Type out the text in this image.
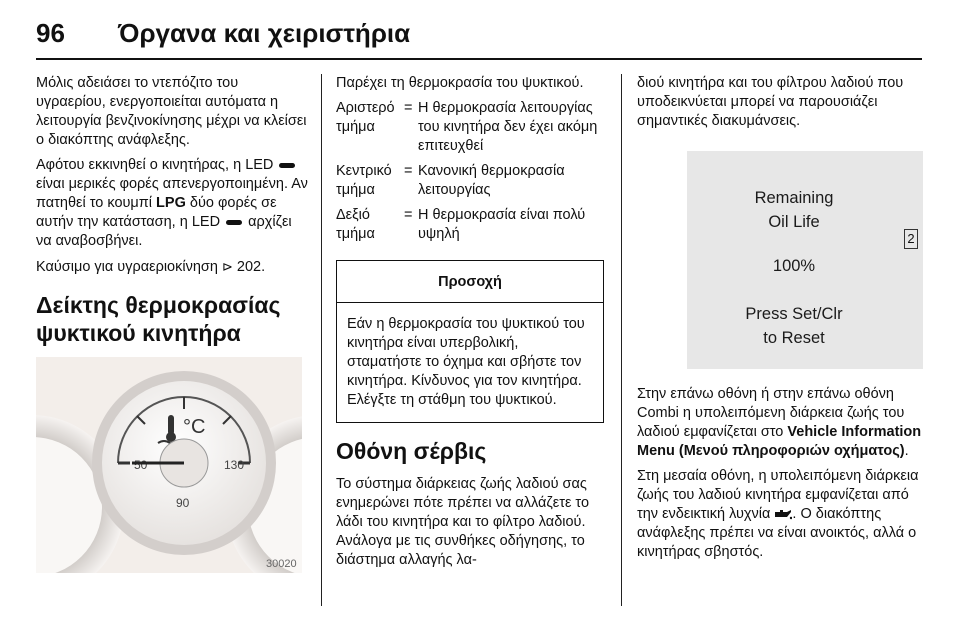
96 Όργανα και χειριστήρια

Μόλις αδειάσει το ντεπόζιτο του υγραερίου, ενεργοποιείται αυτόματα η λειτουργία βενζινοκίνησης μέχρι να κλείσει ο διακόπτης ανάφλεξης.

Αφότου εκκινηθεί ο κινητήρας, η LED  είναι μερικές φορές απενεργοποιημένη. Αν πατηθεί το κουμπί LPG δύο φορές σε αυτήν την κατάσταση, η LED αρχίζει να αναβοσβήνει.

Καύσιμο για υγραεριοκίνηση ⊳ 202.

Δείκτης θερμοκρασίας ψυκτικού κινητήρα
°C
50	130
90
30020

Παρέχει τη θερμοκρασία του ψυκτικού.

Αριστερό τμήμα
= Η θερμοκρασία λειτουργίας του κινητήρα δεν έχει ακόμη επιτευχθεί
Κεντρικό τμήμα
= Κανονική θερμοκρασία λειτουργίας
Δεξιό τμήμα
= Η θερμοκρασία είναι πολύ υψηλή
Προσοχή
Εάν η θερμοκρασία του ψυκτικού του κινητήρα είναι υπερβολική, σταματήστε το όχημα και σβήστε τον κινητήρα. Κίνδυνος για τον κινητήρα. Ελέγξτε τη στάθμη του ψυκτικού.
Οθόνη σέρβις

Το σύστημα διάρκειας ζωής λαδιού σας ενημερώνει πότε πρέπει να αλλάζετε το λάδι του κινητήρα και το φίλτρο λαδιού. Ανάλογα με τις συνθήκες οδήγησης, το διάστημα αλλαγής λα-

διού κινητήρα και του φίλτρου λαδιού που υποδεικνύεται μπορεί να παρουσιάζει σημαντικές διακυμάνσεις.

Remaining
Oil Life
100%
Press Set/Clr
to Reset
2

Στην επάνω οθόνη ή στην επάνω οθόνη Combi η υπολειπόμενη διάρκεια ζωής του λαδιού εμφανίζεται στο Vehicle Information Menu (Μενού πληροφοριών οχήματος).

Στη μεσαία οθόνη, η υπολειπόμενη διάρκεια ζωής του λαδιού κινητήρα εμφανίζεται από την ενδεικτική λυχνία . Ο διακόπτης ανάφλεξης πρέπει να είναι ανοικτός, αλλά ο κινητήρας σβηστός.
